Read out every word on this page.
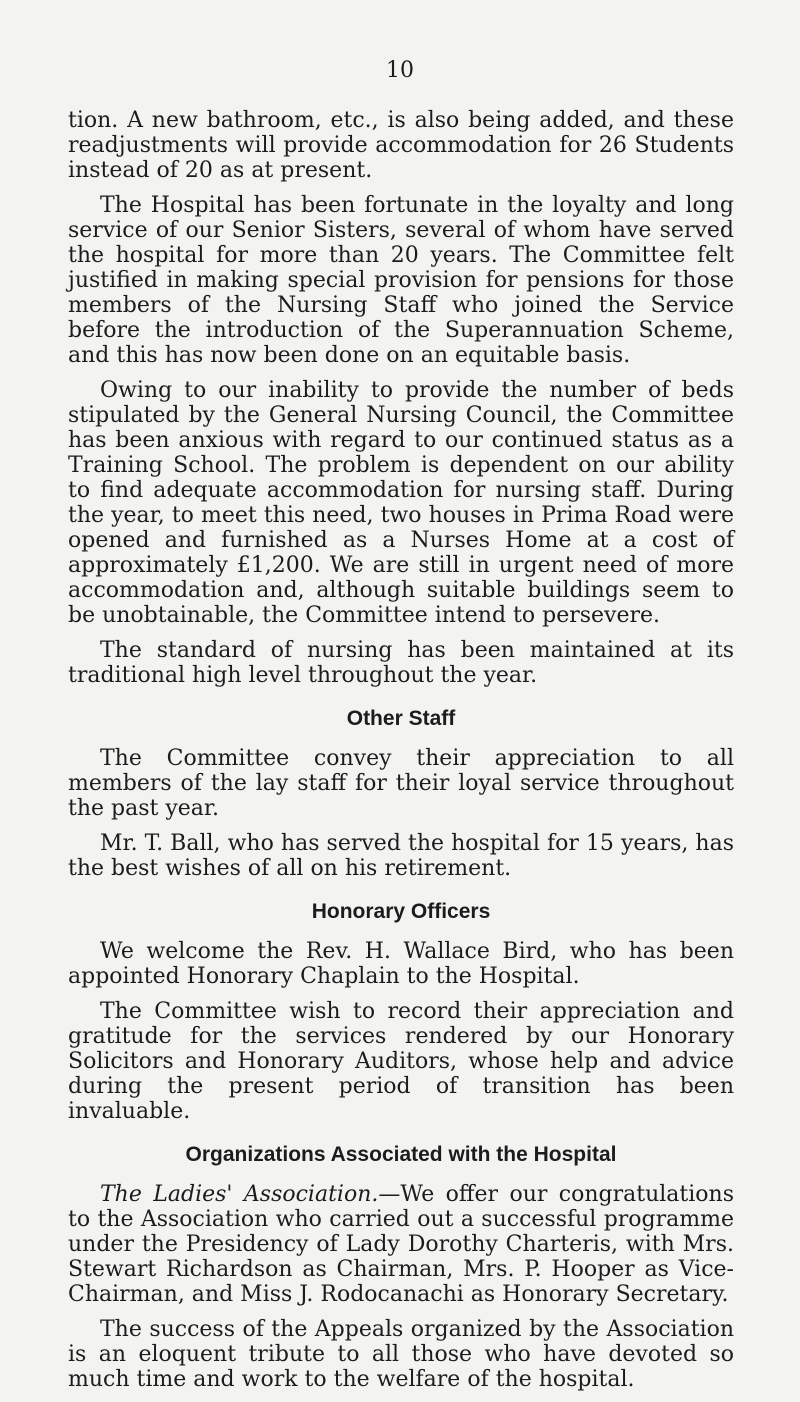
10

tion. A new bathroom, etc., is also being added, and these readjustments will provide accommodation for 26 Students instead of 20 as at present.

The Hospital has been fortunate in the loyalty and long service of our Senior Sisters, several of whom have served the hospital for more than 20 years. The Committee felt justified in making special provision for pensions for those members of the Nursing Staff who joined the Service before the introduction of the Superannuation Scheme, and this has now been done on an equitable basis.

Owing to our inability to provide the number of beds stipulated by the General Nursing Council, the Committee has been anxious with regard to our continued status as a Training School. The problem is dependent on our ability to find adequate accommodation for nursing staff. During the year, to meet this need, two houses in Prima Road were opened and furnished as a Nurses Home at a cost of approximately £1,200. We are still in urgent need of more accommodation and, although suitable buildings seem to be unobtainable, the Committee intend to persevere.

The standard of nursing has been maintained at its traditional high level throughout the year.

Other Staff

The Committee convey their appreciation to all members of the lay staff for their loyal service throughout the past year.

Mr. T. Ball, who has served the hospital for 15 years, has the best wishes of all on his retirement.

Honorary Officers

We welcome the Rev. H. Wallace Bird, who has been appointed Honorary Chaplain to the Hospital.

The Committee wish to record their appreciation and gratitude for the services rendered by our Honorary Solicitors and Honorary Auditors, whose help and advice during the present period of transition has been invaluable.

Organizations Associated with the Hospital

The Ladies' Association.—We offer our congratulations to the Association who carried out a successful programme under the Presidency of Lady Dorothy Charteris, with Mrs. Stewart Richardson as Chairman, Mrs. P. Hooper as Vice-Chairman, and Miss J. Rodocanachi as Honorary Secretary.

The success of the Appeals organized by the Association is an eloquent tribute to all those who have devoted so much time and work to the welfare of the hospital.
